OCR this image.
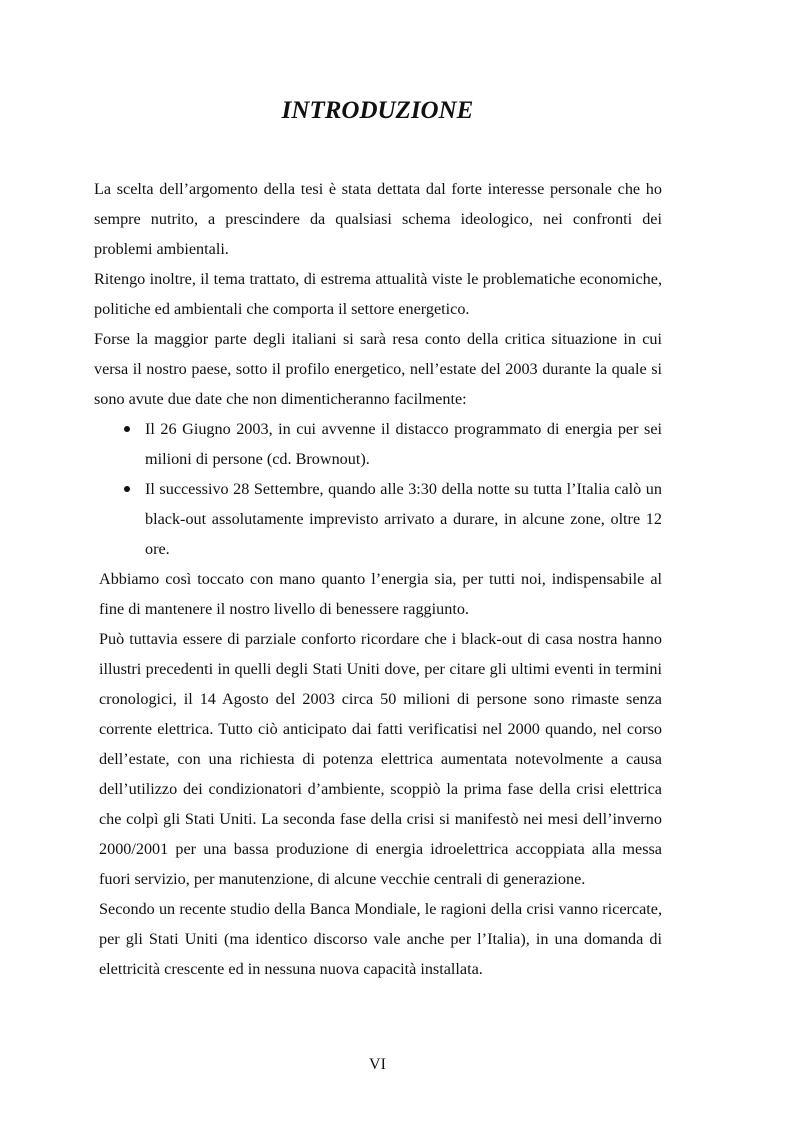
INTRODUZIONE

La scelta dell’argomento della tesi è stata dettata dal forte interesse personale che ho sempre nutrito, a prescindere da qualsiasi schema ideologico, nei confronti dei problemi ambientali.

Ritengo inoltre, il tema trattato, di estrema attualità viste le problematiche economiche, politiche ed ambientali che comporta il settore energetico.

Forse la maggior parte degli italiani si sarà resa conto della critica situazione in cui versa il nostro paese, sotto il profilo energetico, nell’estate del 2003 durante la quale si sono avute due date che non dimenticheranno facilmente:

Il 26 Giugno 2003, in cui avvenne il distacco programmato di energia per sei milioni di persone (cd. Brownout).
Il successivo 28 Settembre, quando alle 3:30 della notte su tutta l’Italia calò un black-out assolutamente imprevisto arrivato a durare, in alcune zone, oltre 12 ore.

Abbiamo così toccato con mano quanto l’energia sia, per tutti noi, indispensabile al fine di mantenere il nostro livello di benessere raggiunto.

Può tuttavia essere di parziale conforto ricordare che i black-out di casa nostra hanno illustri precedenti in quelli degli Stati Uniti dove, per citare gli ultimi eventi in termini cronologici, il 14 Agosto del 2003 circa 50 milioni di persone sono rimaste senza corrente elettrica. Tutto ciò anticipato dai fatti verificatisi nel 2000 quando, nel corso dell’estate, con una richiesta di potenza elettrica aumentata notevolmente a causa dell’utilizzo dei condizionatori d’ambiente, scoppiò la prima fase della crisi elettrica che colpì gli Stati Uniti. La seconda fase della crisi si manifestò nei mesi dell’inverno 2000/2001 per una bassa produzione di energia idroelettrica accoppiata alla messa fuori servizio, per manutenzione, di alcune vecchie centrali di generazione.

Secondo un recente studio della Banca Mondiale, le ragioni della crisi vanno ricercate, per gli Stati Uniti (ma identico discorso vale anche per l’Italia), in una domanda di elettricità crescente ed in nessuna nuova capacità installata.

VI
